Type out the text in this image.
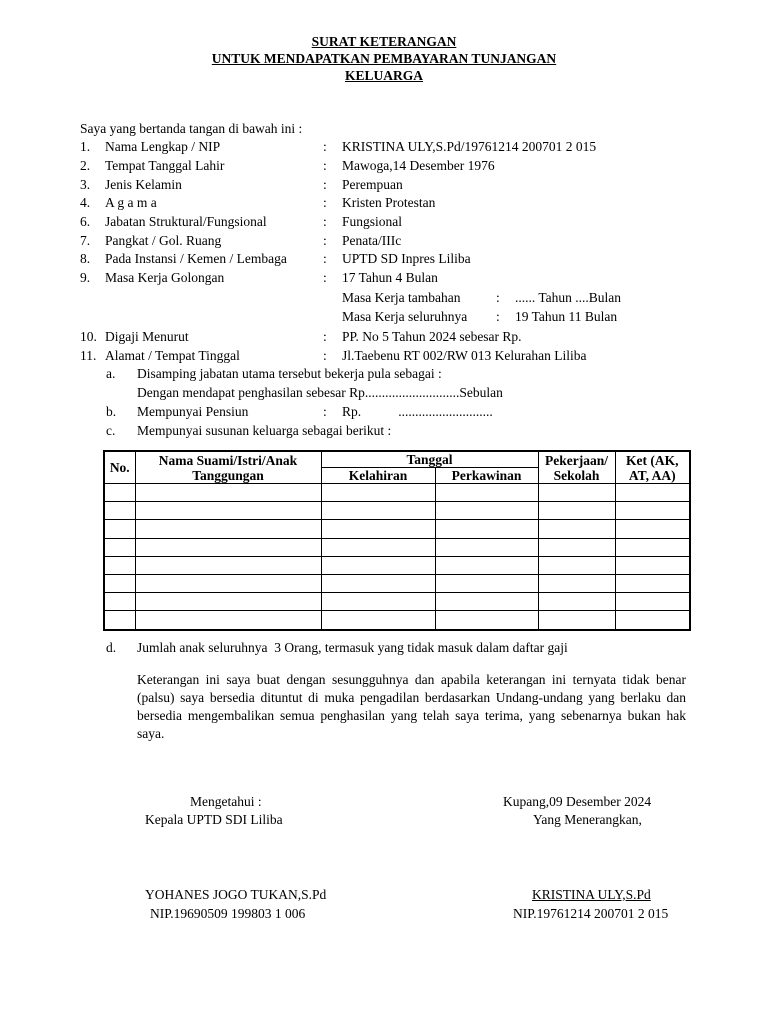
SURAT KETERANGAN
UNTUK MENDAPATKAN PEMBAYARAN TUNJANGAN
KELUARGA
Saya yang bertanda tangan di bawah ini :
1. Nama Lengkap / NIP	: KRISTINA ULY,S.Pd/19761214 200701 2 015
2. Tempat Tanggal Lahir	: Mawoga,14 Desember 1976
3. Jenis Kelamin	: Perempuan
4. A g a m a	: Kristen Protestan
6. Jabatan Struktural/Fungsional	: Fungsional
7. Pangkat / Gol. Ruang	: Penata/IIIc
8. Pada Instansi / Kemen / Lembaga	: UPTD SD Inpres Liliba
9. Masa Kerja Golongan	: 17 Tahun 4 Bulan
Masa Kerja tambahan	: ...... Tahun ....Bulan
Masa Kerja seluruhnya : 19 Tahun 11 Bulan
10. Digaji Menurut	: PP. No 5 Tahun 2024 sebesar Rp.
11. Alamat / Tempat Tinggal	: Jl.Taebenu RT 002/RW 013 Kelurahan Liliba
a. Disamping jabatan utama tersebut bekerja pula sebagai :
Dengan mendapat penghasilan sebesar Rp............................Sebulan
b. Mempunyai Pensiun	: Rp.           ............................
c. Mempunyai susunan keluarga sebagai berikut :
No.	Nama Suami/Istri/Anak Tanggungan	Tanggal		Pekerjaan/ Sekolah	Ket (AK, AT, AA)
		Kelahiran	Perkawinan		

d. Jumlah anak seluruhnya  3 Orang, termasuk yang tidak masuk dalam daftar gaji
Keterangan ini saya buat dengan sesungguhnya dan apabila keterangan ini ternyata tidak benar (palsu) saya bersedia dituntut di muka pengadilan berdasarkan Undang-undang yang berlaku dan bersedia mengembalikan semua penghasilan yang telah saya terima, yang sebenarnya bukan hak saya.
Mengetahui :
Kepala UPTD SDI Liliba
YOHANES JOGO TUKAN,S.Pd
NIP.19690509 199803 1 006
Kupang,09 Desember 2024
Yang Menerangkan,
KRISTINA ULY,S.Pd
NIP.19761214 200701 2 015
